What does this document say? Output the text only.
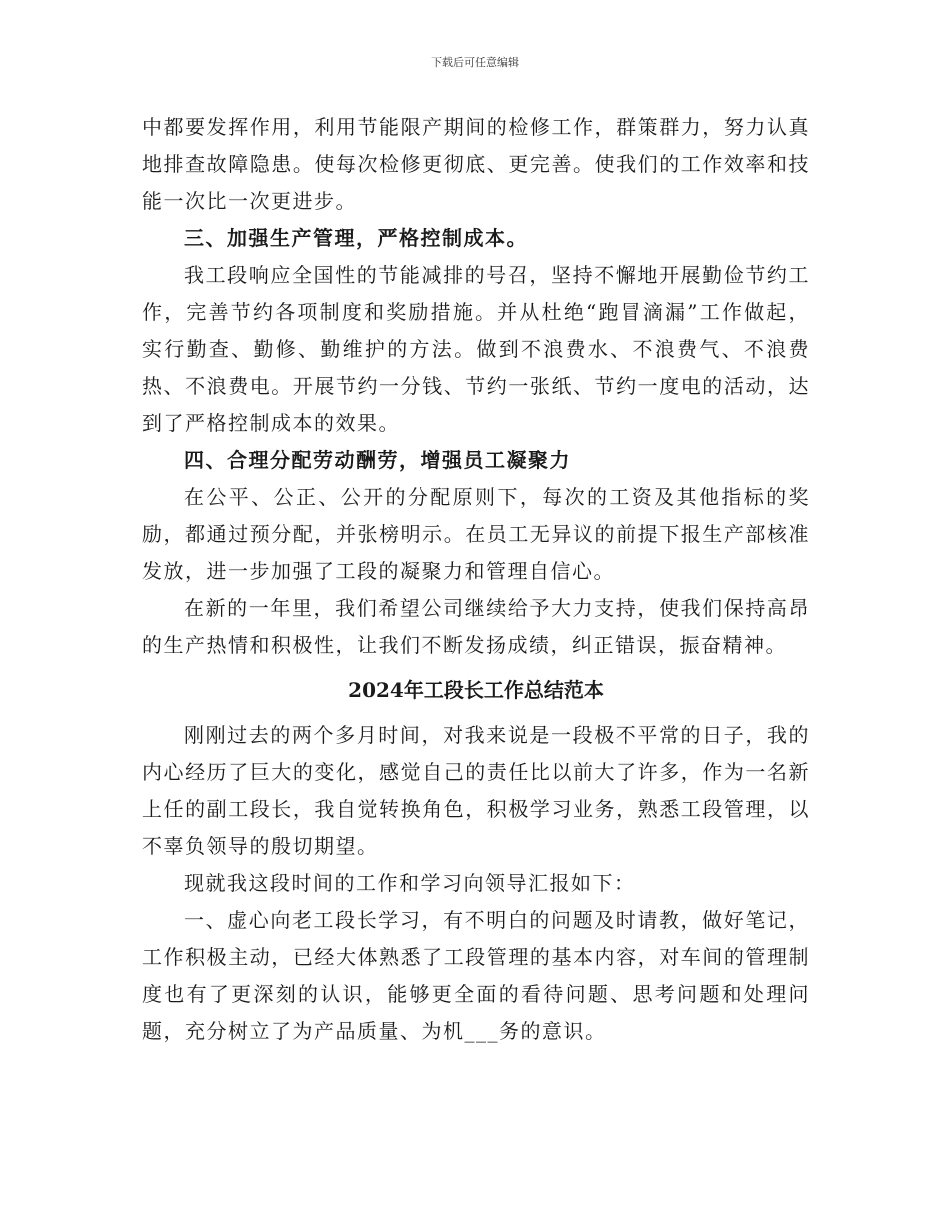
下载后可任意编辑

中都要发挥作用，利用节能限产期间的检修工作，群策群力，努力认真地排查故障隐患。使每次检修更彻底、更完善。使我们的工作效率和技能一次比一次更进步。

三、加强生产管理，严格控制成本。

我工段响应全国性的节能减排的号召，坚持不懈地开展勤俭节约工作，完善节约各项制度和奖励措施。并从杜绝“跑冒滴漏”工作做起，实行勤查、勤修、勤维护的方法。做到不浪费水、不浪费气、不浪费热、不浪费电。开展节约一分钱、节约一张纸、节约一度电的活动，达到了严格控制成本的效果。

四、合理分配劳动酬劳，增强员工凝聚力

在公平、公正、公开的分配原则下，每次的工资及其他指标的奖励，都通过预分配，并张榜明示。在员工无异议的前提下报生产部核准发放，进一步加强了工段的凝聚力和管理自信心。

在新的一年里，我们希望公司继续给予大力支持，使我们保持高昂的生产热情和积极性，让我们不断发扬成绩，纠正错误，振奋精神。

2024年工段长工作总结范本

刚刚过去的两个多月时间，对我来说是一段极不平常的日子，我的内心经历了巨大的变化，感觉自己的责任比以前大了许多，作为一名新上任的副工段长，我自觉转换角色，积极学习业务，熟悉工段管理，以不辜负领导的殷切期望。

现就我这段时间的工作和学习向领导汇报如下：

一、虚心向老工段长学习，有不明白的问题及时请教，做好笔记，工作积极主动，已经大体熟悉了工段管理的基本内容，对车间的管理制度也有了更深刻的认识，能够更全面的看待问题、思考问题和处理问题，充分树立了为产品质量、为机___务的意识。
